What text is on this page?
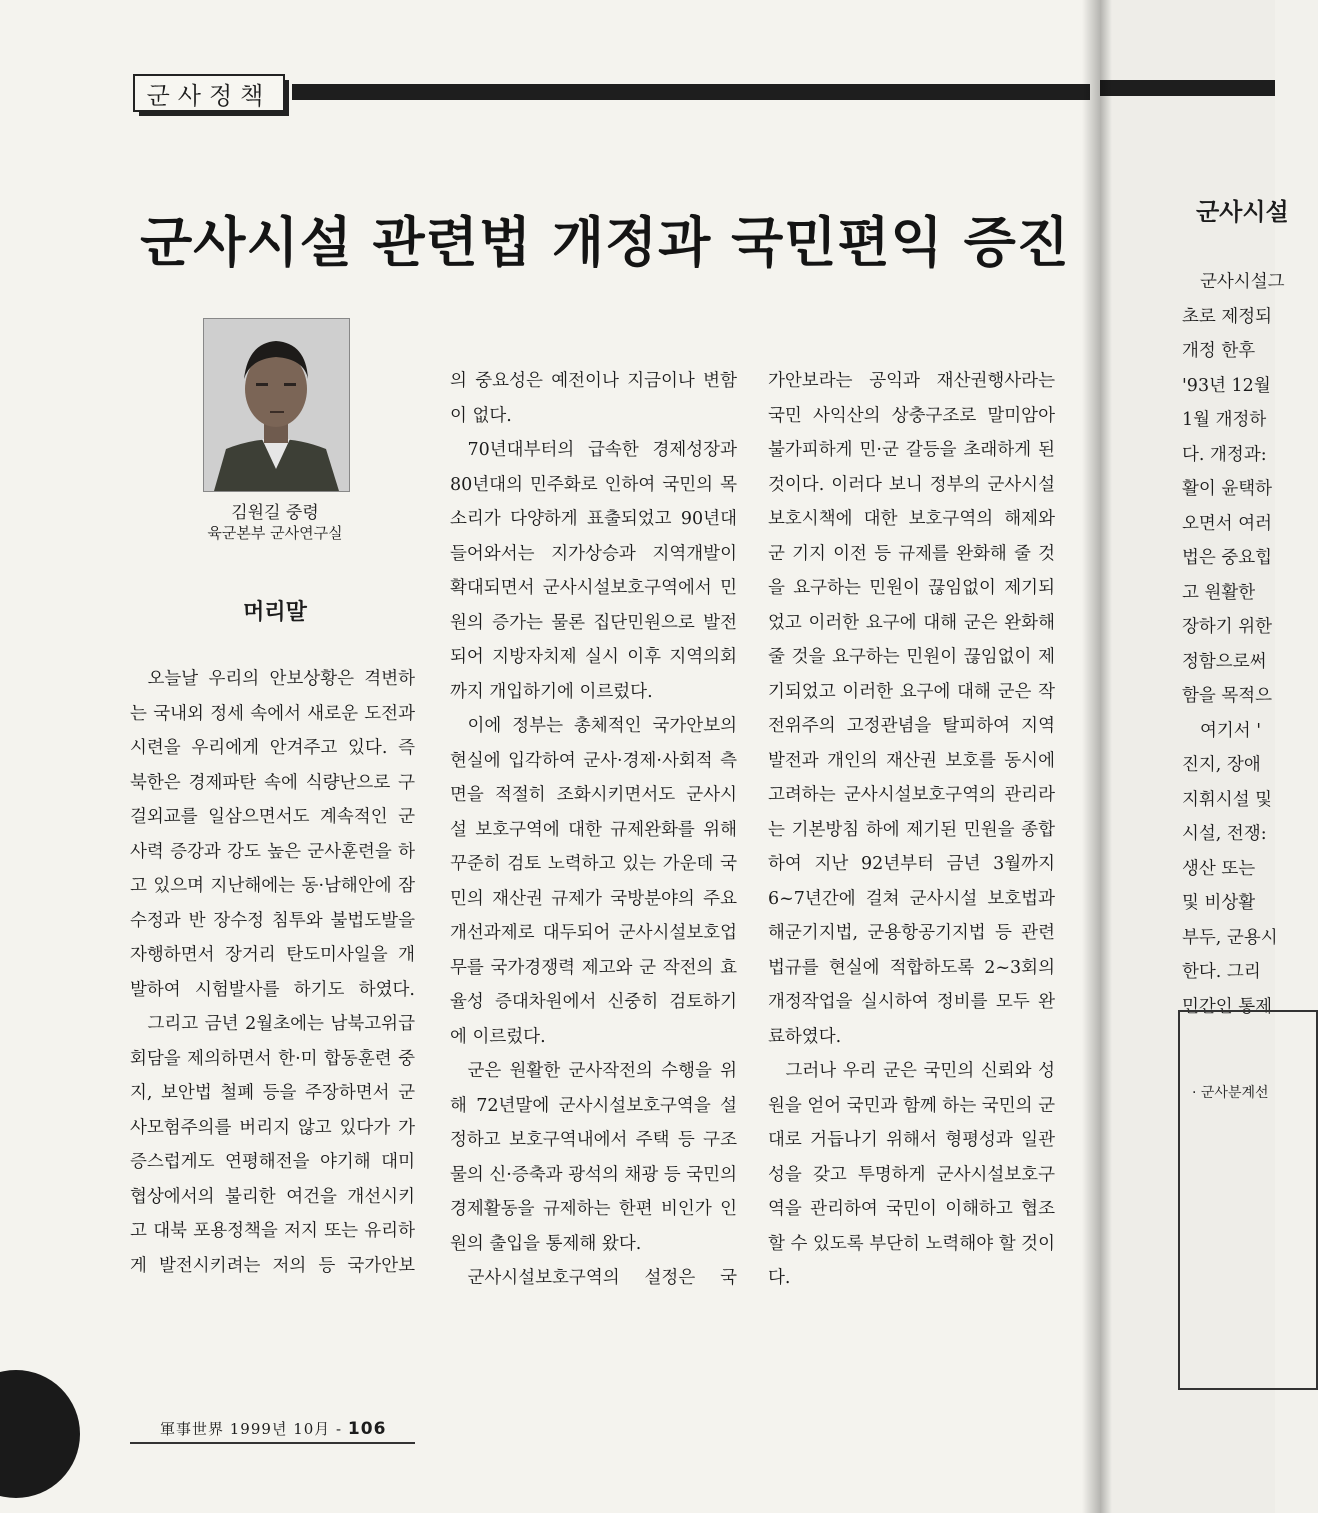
군사정책
군사시설 관련법 개정과 국민편익 증진
김원길 중령
육군본부 군사연구실
머리말

오늘날 우리의 안보상황은 격변하는 국내외 정세 속에서 새로운 도전과 시련을 우리에게 안겨주고 있다. 즉 북한은 경제파탄 속에 식량난으로 구걸외교를 일삼으면서도 계속적인 군사력 증강과 강도 높은 군사훈련을 하고 있으며 지난해에는 동·남해안에 잠수정과 반 장수정 침투와 불법도발을 자행하면서 장거리 탄도미사일을 개발하여 시험발사를 하기도 하였다.

그리고 금년 2월초에는 남북고위급회담을 제의하면서 한·미 합동훈련 중지, 보안법 철폐 등을 주장하면서 군사모험주의를 버리지 않고 있다가 가증스럽게도 연평해전을 야기해 대미협상에서의 불리한 여건을 개선시키고 대북 포용정책을 저지 또는 유리하게 발전시키려는 저의 등 국가안보

의 중요성은 예전이나 지금이나 변함이 없다.

70년대부터의 급속한 경제성장과 80년대의 민주화로 인하여 국민의 목소리가 다양하게 표출되었고 90년대 들어와서는 지가상승과 지역개발이 확대되면서 군사시설보호구역에서 민원의 증가는 물론 집단민원으로 발전되어 지방자치제 실시 이후 지역의회까지 개입하기에 이르렀다.

이에 정부는 총체적인 국가안보의 현실에 입각하여 군사·경제·사회적 측면을 적절히 조화시키면서도 군사시설 보호구역에 대한 규제완화를 위해 꾸준히 검토 노력하고 있는 가운데 국민의 재산권 규제가 국방분야의 주요 개선과제로 대두되어 군사시설보호업무를 국가경쟁력 제고와 군 작전의 효율성 증대차원에서 신중히 검토하기에 이르렀다.

군은 원활한 군사작전의 수행을 위해 72년말에 군사시설보호구역을 설정하고 보호구역내에서 주택 등 구조물의 신·증축과 광석의 채광 등 국민의 경제활동을 규제하는 한편 비인가 인원의 출입을 통제해 왔다.

군사시설보호구역의 설정은 국

가안보라는 공익과 재산권행사라는 국민 사익산의 상충구조로 말미암아 불가피하게 민·군 갈등을 초래하게 된 것이다. 이러다 보니 정부의 군사시설보호시책에 대한 보호구역의 해제와 군 기지 이전 등 규제를 완화해 줄 것을 요구하는 민원이 끊임없이 제기되었고 이러한 요구에 대해 군은 완화해 줄 것을 요구하는 민원이 끊임없이 제기되었고 이러한 요구에 대해 군은 작전위주의 고정관념을 탈피하여 지역발전과 개인의 재산권 보호를 동시에 고려하는 군사시설보호구역의 관리라는 기본방침 하에 제기된 민원을 종합하여 지난 92년부터 금년 3월까지 6~7년간에 걸쳐 군사시설 보호법과 해군기지법, 군용항공기지법 등 관련법규를 현실에 적합하도록 2~3회의 개정작업을 실시하여 정비를 모두 완료하였다.

그러나 우리 군은 국민의 신뢰와 성원을 얻어 국민과 함께 하는 국민의 군대로 거듭나기 위해서 형평성과 일관성을 갖고 투명하게 군사시설보호구역을 관리하여 국민이 이해하고 협조 할 수 있도록 부단히 노력해야 할 것이다.

軍事世界 1999년 10月 - 106
군사시설
군사시설그
초로 제정되
개정 한후
'93년 12월
1월 개정하
다. 개정과:
활이 윤택하
오면서 여러
법은 중요힙
고 원활한
장하기 위한
정함으로써
함을 목적으
여기서 '
진지, 장애
지휘시설 및
시설, 전쟁:
생산 또는
및 비상활
부두, 군용시
한다. 그리
민간인 통제
· 군사분계선
